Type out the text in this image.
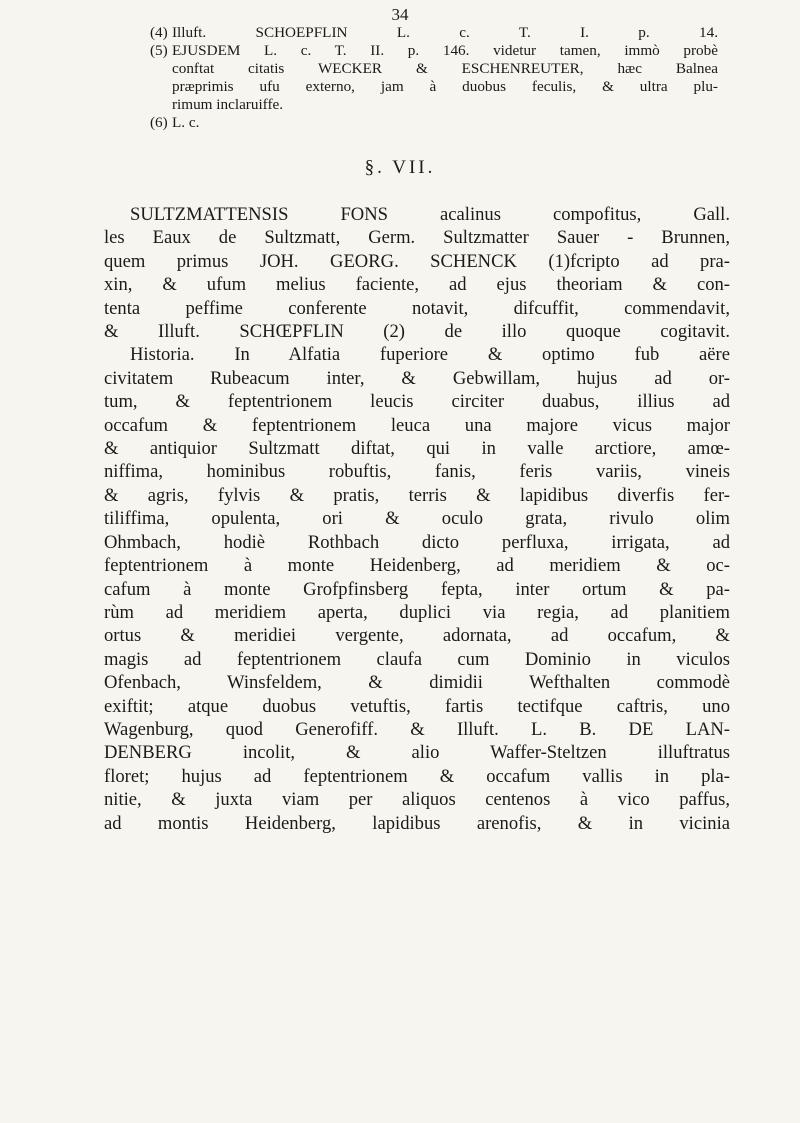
34
(4) Illuft. SCHOEPFLIN L. c. T. I. p. 14.
(5) EJUSDEM L. c. T. II. p. 146. videtur tamen, immò probè
conftat citatis WECKER & ESCHENREUTER, hæc Balnea
præprimis ufu externo, jam à duobus feculis, & ultra plu-
rimum inclaruiffe.
(6) L. c.
§. VII.
SULTZMATTENSIS FONS acalinus compofitus, Gall.
les Eaux de Sultzmatt, Germ. Sultzmatter Sauer - Brunnen,
quem primus JOH. GEORG. SCHENCK (1)fcripto ad pra-
xin, & ufum melius faciente, ad ejus theoriam & con-
tenta peffime conferente notavit, difcuffit, commendavit,
& Illuft. SCHŒPFLIN (2) de illo quoque cogitavit.
Historia. In Alfatia fuperiore & optimo fub aëre
civitatem Rubeacum inter, & Gebwillam, hujus ad or-
tum, & feptentrionem leucis circiter duabus, illius ad
occafum & feptentrionem leuca una majore vicus major
& antiquior Sultzmatt diftat, qui in valle arctiore, amœ-
niffima, hominibus robuftis, fanis, feris variis, vineis
& agris, fylvis & pratis, terris & lapidibus diverfis fer-
tiliffima, opulenta, ori & oculo grata, rivulo olim
Ohmbach, hodiè Rothbach dicto perfluxa, irrigata, ad
feptentrionem à monte Heidenberg, ad meridiem & oc-
cafum à monte Grofpfinsberg fepta, inter ortum & pa-
rùm ad meridiem aperta, duplici via regia, ad planitiem
ortus & meridiei vergente, adornata, ad occafum, &
magis ad feptentrionem claufa cum Dominio in viculos
Ofenbach, Winsfeldem, & dimidii Wefthalten commodè
exiftit; atque duobus vetuftis, fartis tectifque caftris, uno
Wagenburg, quod Generofiff. & Illuft. L. B. DE LAN-
DENBERG incolit, & alio Waffer-Steltzen illuftratus
floret; hujus ad feptentrionem & occafum vallis in pla-
nitie, & juxta viam per aliquos centenos à vico paffus,
ad montis Heidenberg, lapidibus arenofis, & in vicinia
